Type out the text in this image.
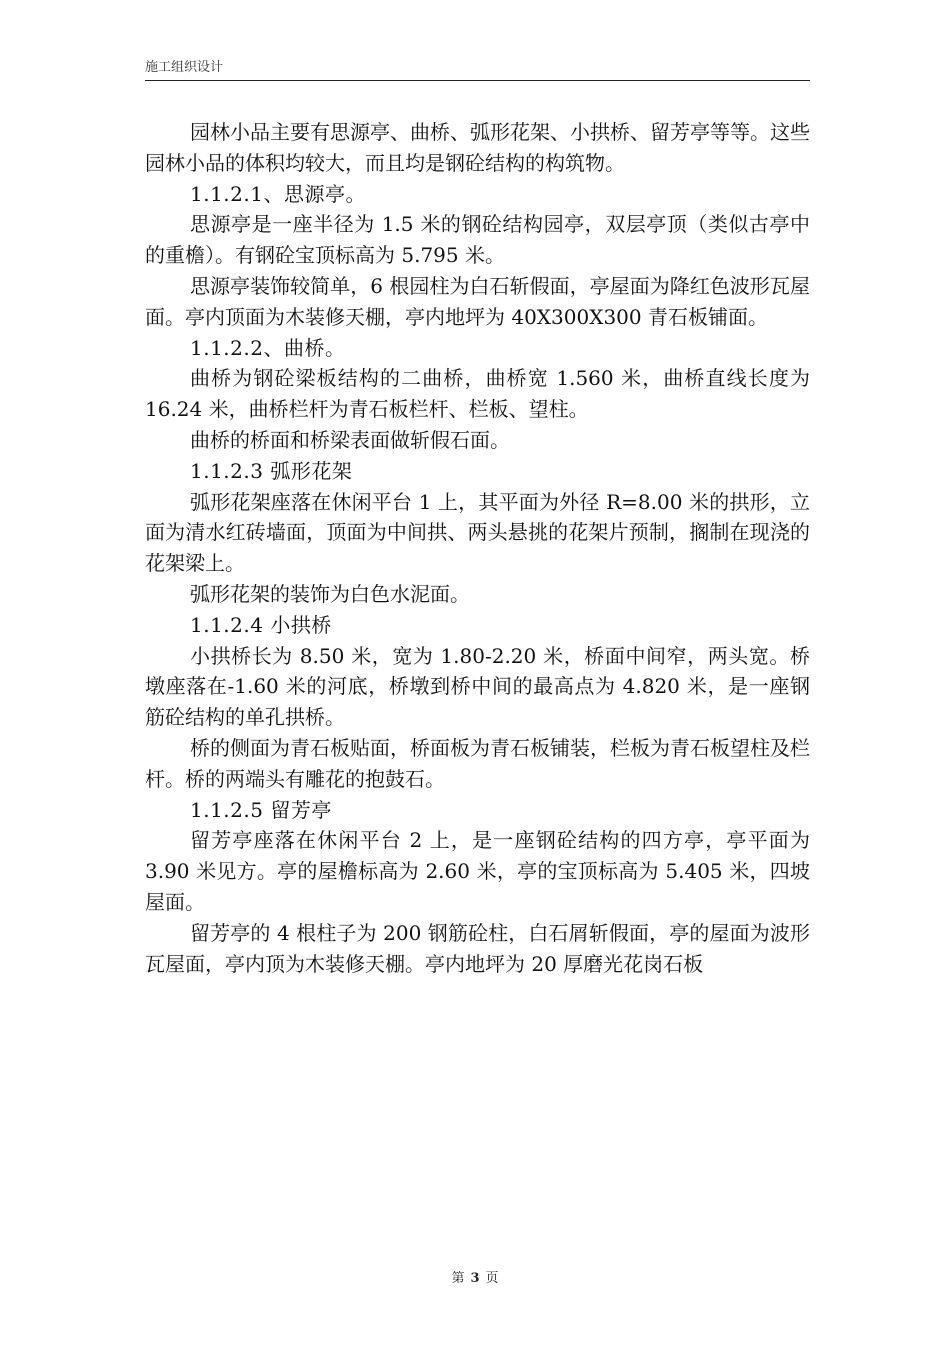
施工组织设计

园林小品主要有思源亭、曲桥、弧形花架、小拱桥、留芳亭等等。这些园林小品的体积均较大，而且均是钢砼结构的构筑物。

1.1.2.1、思源亭。

思源亭是一座半径为 1.5 米的钢砼结构园亭，双层亭顶（类似古亭中的重檐）。有钢砼宝顶标高为 5.795 米。

思源亭装饰较简单，6 根园柱为白石斩假面，亭屋面为降红色波形瓦屋面。亭内顶面为木装修天棚，亭内地坪为 40X300X300 青石板铺面。

1.1.2.2、曲桥。

曲桥为钢砼梁板结构的二曲桥，曲桥宽 1.560 米，曲桥直线长度为 16.24 米，曲桥栏杆为青石板栏杆、栏板、望柱。

曲桥的桥面和桥梁表面做斩假石面。

1.1.2.3 弧形花架

弧形花架座落在休闲平台 1 上，其平面为外径 R=8.00 米的拱形，立面为清水红砖墙面，顶面为中间拱、两头悬挑的花架片预制，搁制在现浇的花架梁上。

弧形花架的装饰为白色水泥面。

1.1.2.4 小拱桥

小拱桥长为 8.50 米，宽为 1.80-2.20 米，桥面中间窄，两头宽。桥墩座落在-1.60 米的河底，桥墩到桥中间的最高点为 4.820 米，是一座钢筋砼结构的单孔拱桥。

桥的侧面为青石板贴面，桥面板为青石板铺装，栏板为青石板望柱及栏杆。桥的两端头有雕花的抱鼓石。

1.1.2.5 留芳亭

留芳亭座落在休闲平台 2 上，是一座钢砼结构的四方亭，亭平面为 3.90 米见方。亭的屋檐标高为 2.60 米，亭的宝顶标高为 5.405 米，四坡屋面。

留芳亭的 4 根柱子为 200 钢筋砼柱，白石屑斩假面，亭的屋面为波形瓦屋面，亭内顶为木装修天棚。亭内地坪为 20 厚磨光花岗石板

第 3 页
